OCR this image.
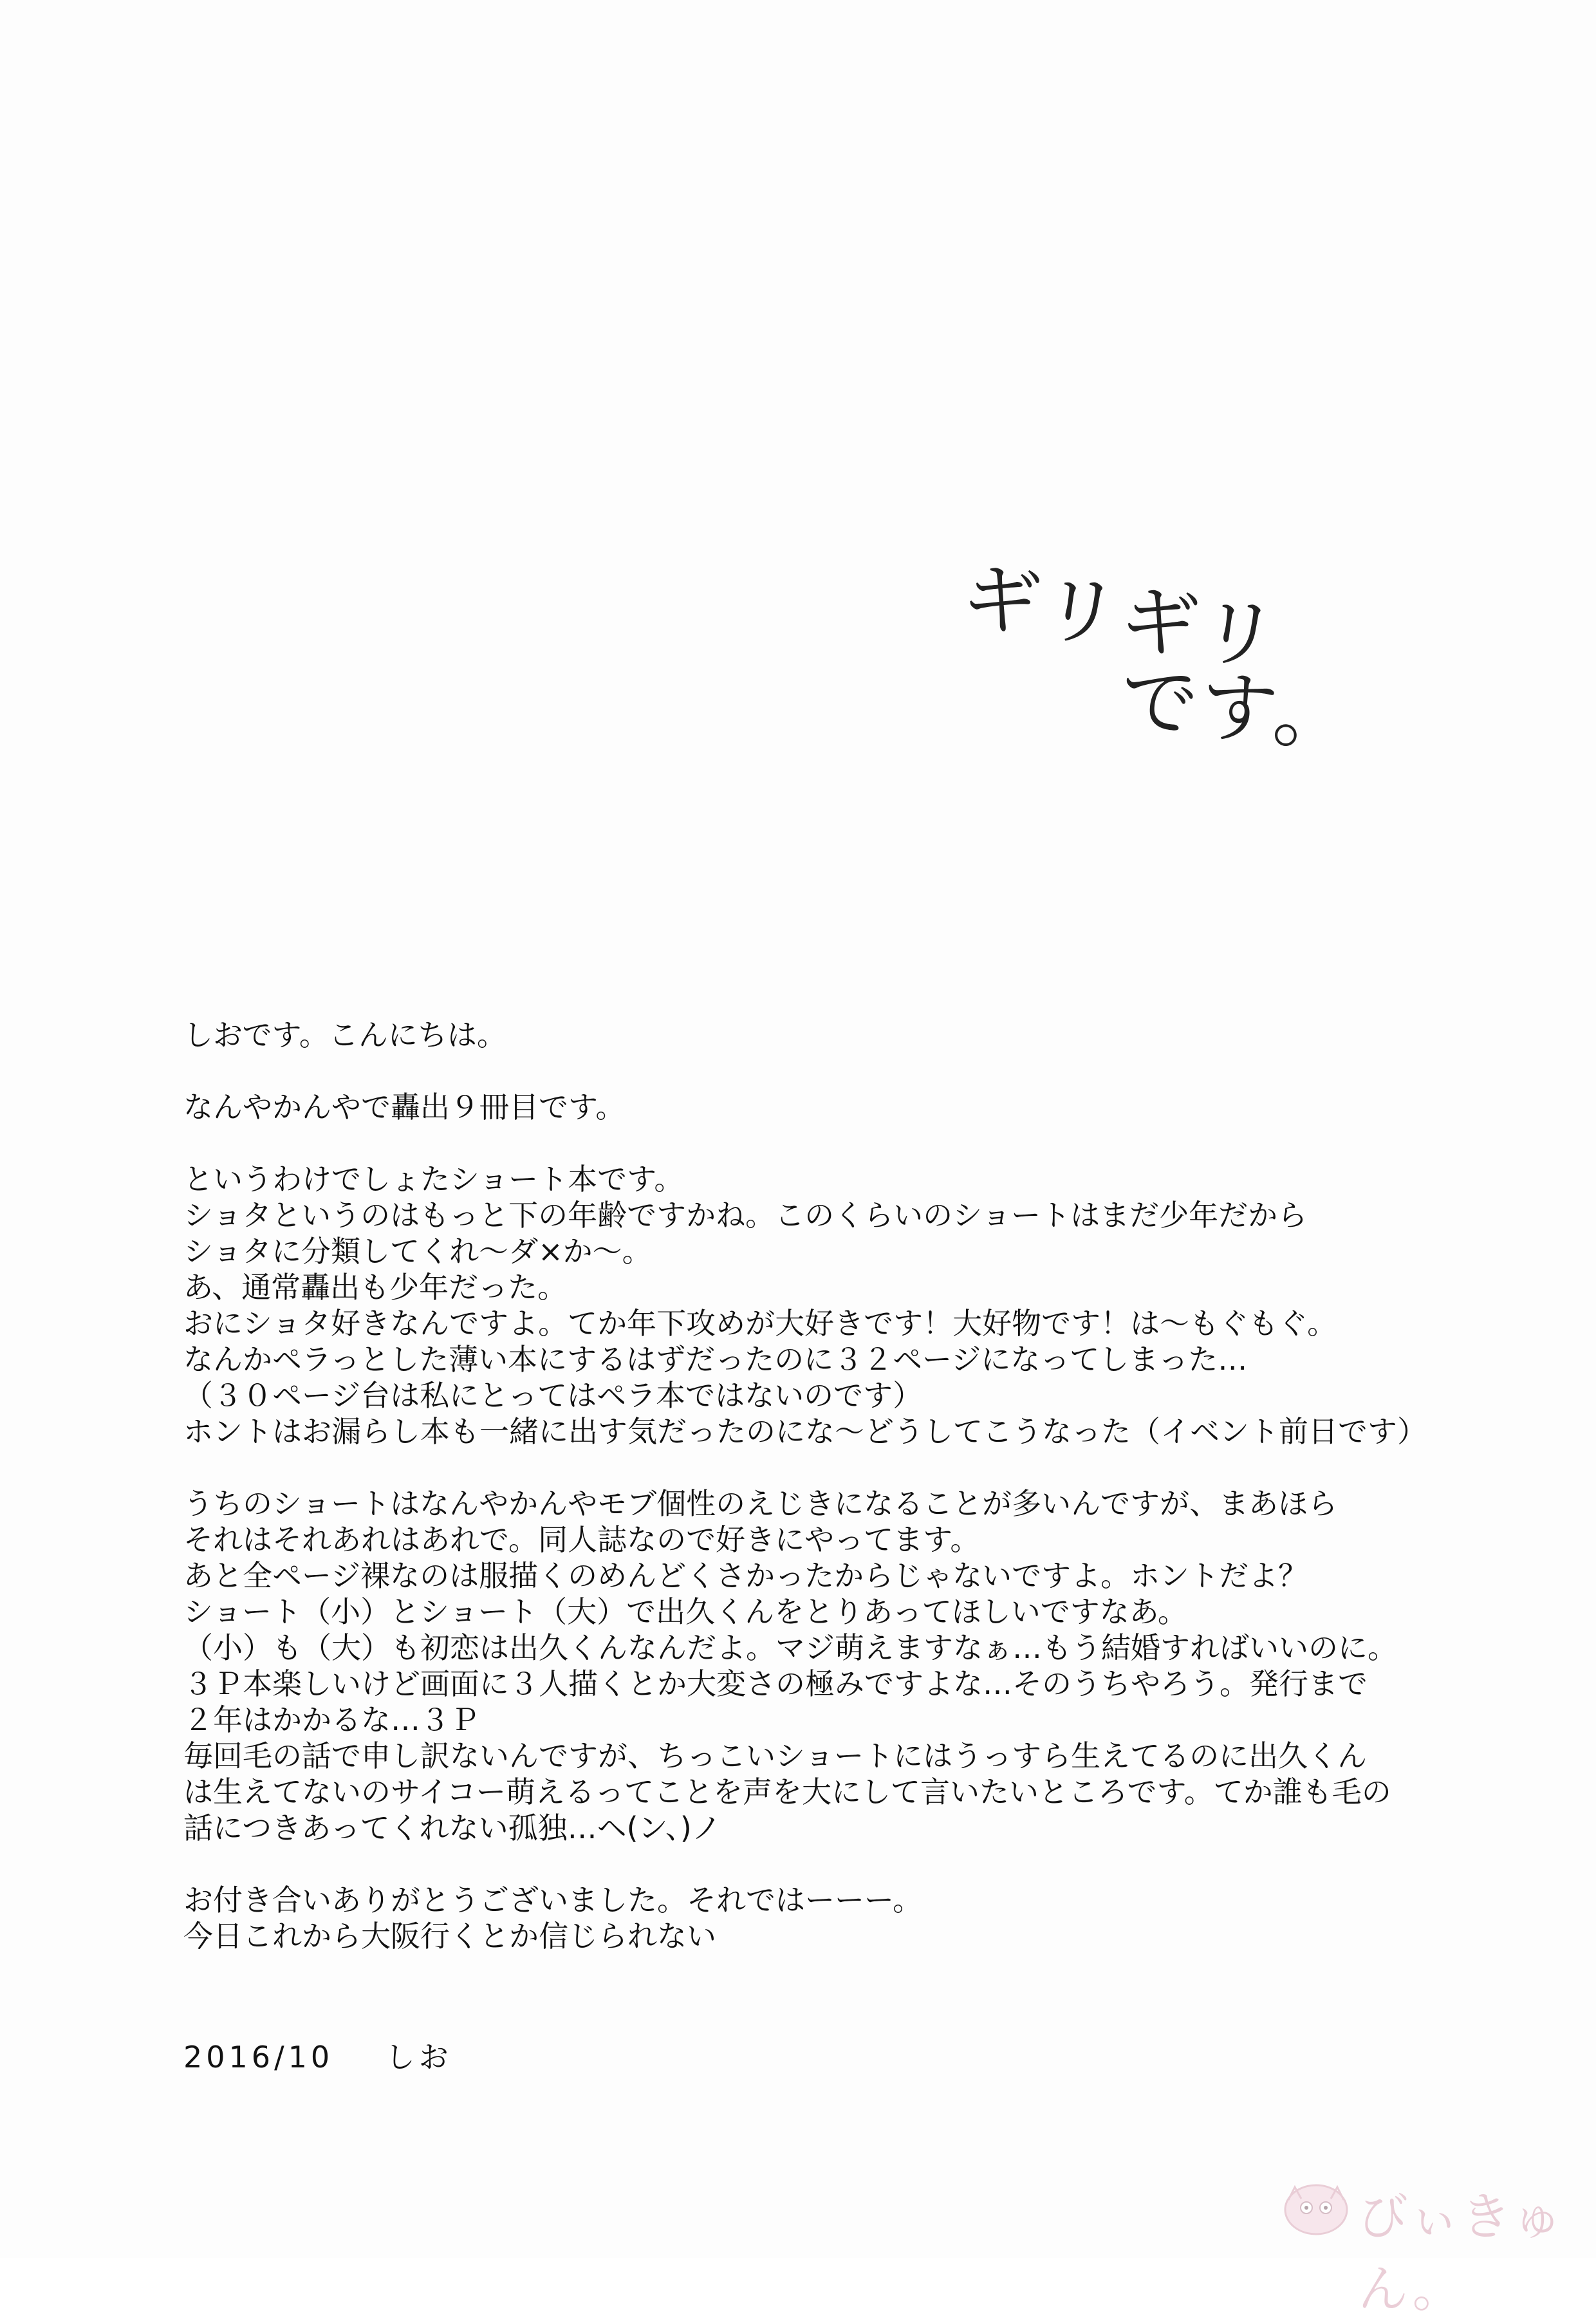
ギリギリ
です。
しおです。こんにちは。
なんやかんやで轟出９冊目です。
というわけでしょたショート本です。
ショタというのはもっと下の年齢ですかね。このくらいのショートはまだ少年だから
ショタに分類してくれ～ダ×か～。
あ、通常轟出も少年だった。
おにショタ好きなんですよ。てか年下攻めが大好きです！大好物です！は～もぐもぐ。
なんかペラっとした薄い本にするはずだったのに３２ページになってしまった…
（３０ページ台は私にとってはペラ本ではないのです）
ホントはお漏らし本も一緒に出す気だったのにな～どうしてこうなった（イベント前日です）
うちのショートはなんやかんやモブ個性のえじきになることが多いんですが、まあほら
それはそれあれはあれで。同人誌なので好きにやってます。
あと全ページ裸なのは服描くのめんどくさかったからじゃないですよ。ホントだよ？
ショート（小）とショート（大）で出久くんをとりあってほしいですなあ。
（小）も（大）も初恋は出久くんなんだよ。マジ萌えますなぁ…もう結婚すればいいのに。
３Ｐ本楽しいけど画面に３人描くとか大変さの極みですよな…そのうちやろう。発行まで
２年はかかるな…３Ｐ
毎回毛の話で申し訳ないんですが、ちっこいショートにはうっすら生えてるのに出久くん
は生えてないのサイコー萌えるってことを声を大にして言いたいところです。てか誰も毛の
話につきあってくれない孤独…ヘ(ン、)ノ
お付き合いありがとうございました。それではーーー。
今日これから大阪行くとか信じられない
2016/10 しお
びぃきゅん。
